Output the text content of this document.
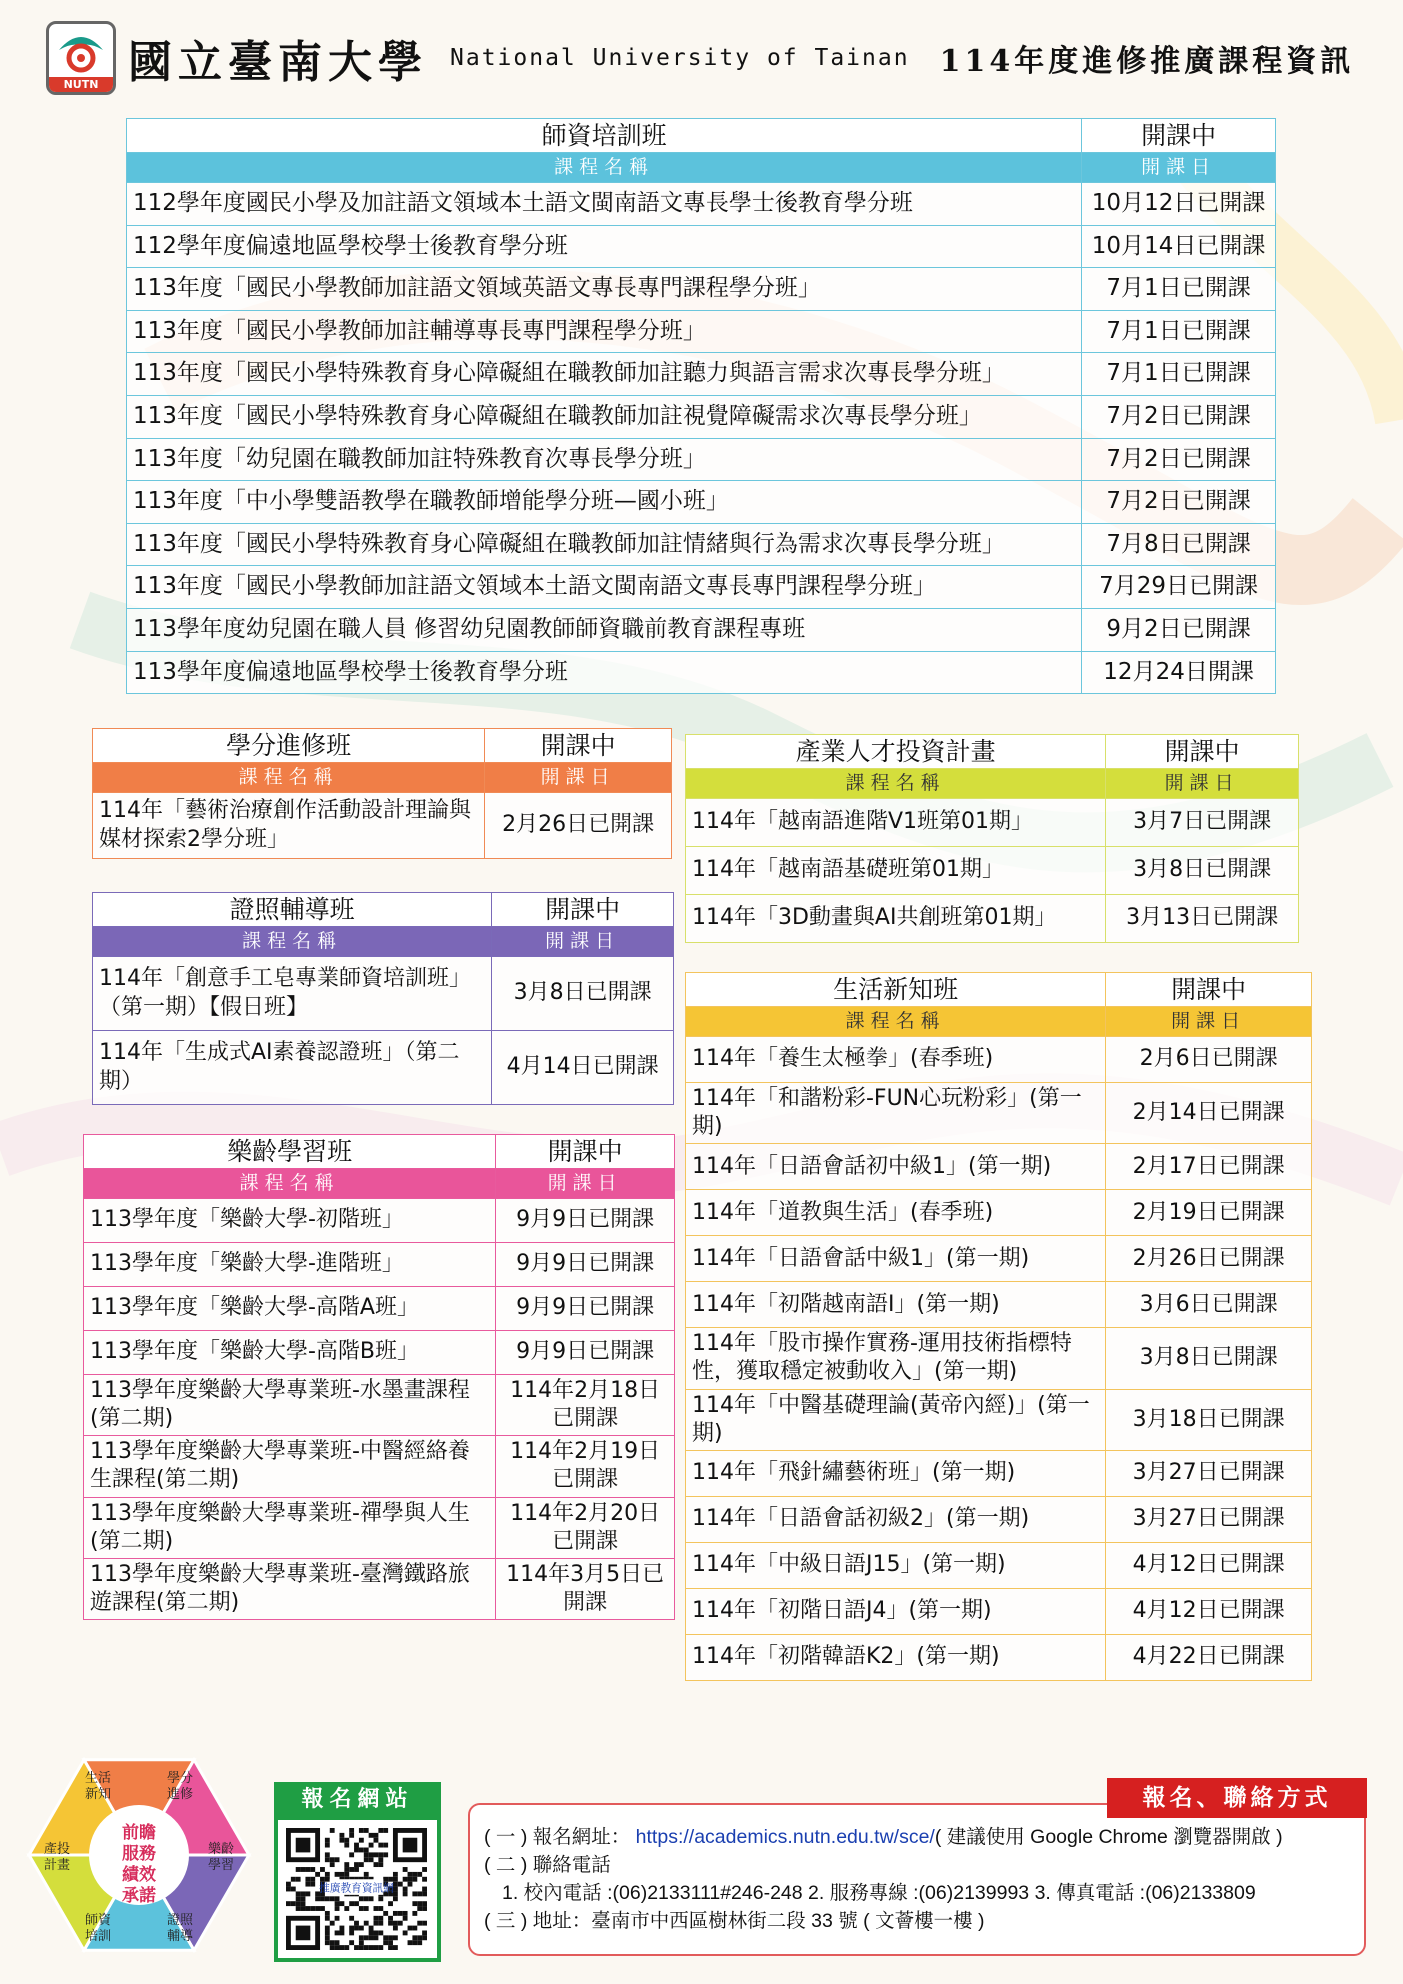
NUTN 國立臺南大學 National University of Tainan 114年度進修推廣課程資訊
師資培訓班	開課中
課程名稱	開課日
112學年度國民小學及加註語文領域本土語文閩南語文專長學士後教育學分班	10月12日已開課
112學年度偏遠地區學校學士後教育學分班	10月14日已開課
113年度「國民小學教師加註語文領域英語文專長專門課程學分班」	7月1日已開課
113年度「國民小學教師加註輔導專長專門課程學分班」	7月1日已開課
113年度「國民小學特殊教育身心障礙組在職教師加註聽力與語言需求次專長學分班」	7月1日已開課
113年度「國民小學特殊教育身心障礙組在職教師加註視覺障礙需求次專長學分班」	7月2日已開課
113年度「幼兒園在職教師加註特殊教育次專長學分班」	7月2日已開課
113年度「中小學雙語教學在職教師增能學分班—國小班」	7月2日已開課
113年度「國民小學特殊教育身心障礙組在職教師加註情緒與行為需求次專長學分班」	7月8日已開課
113年度「國民小學教師加註語文領域本土語文閩南語文專長專門課程學分班」	7月29日已開課
113學年度幼兒園在職人員 修習幼兒園教師師資職前教育課程專班	9月2日已開課
113學年度偏遠地區學校學士後教育學分班	12月24日開課
學分進修班	開課中
課程名稱	開課日
114年「藝術治療創作活動設計理論與媒材探索2學分班」	2月26日已開課
證照輔導班	開課中
課程名稱	開課日
114年「創意手工皂專業師資培訓班」（第一期）【假日班】	3月8日已開課
114年「生成式AI素養認證班」（第二期）	4月14日已開課
樂齡學習班	開課中
課程名稱	開課日
113學年度「樂齡大學-初階班」	9月9日已開課
113學年度「樂齡大學-進階班」	9月9日已開課
113學年度「樂齡大學-高階A班」	9月9日已開課
113學年度「樂齡大學-高階B班」	9月9日已開課
113學年度樂齡大學專業班-水墨畫課程(第二期)	114年2月18日已開課
113學年度樂齡大學專業班-中醫經絡養生課程(第二期)	114年2月19日已開課
113學年度樂齡大學專業班-禪學與人生(第二期)	114年2月20日已開課
113學年度樂齡大學專業班-臺灣鐵路旅遊課程(第二期)	114年3月5日已開課
產業人才投資計畫	開課中
課程名稱	開課日
114年「越南語進階V1班第01期」	3月7日已開課
114年「越南語基礎班第01期」	3月8日已開課
114年「3D動畫與AI共創班第01期」	3月13日已開課
生活新知班	開課中
課程名稱	開課日
114年「養生太極拳」(春季班)	2月6日已開課
114年「和諧粉彩-FUN心玩粉彩」(第一期)	2月14日已開課
114年「日語會話初中級1」(第一期)	2月17日已開課
114年「道教與生活」(春季班)	2月19日已開課
114年「日語會話中級1」(第一期)	2月26日已開課
114年「初階越南語I」(第一期)	3月6日已開課
114年「股市操作實務-運用技術指標特性，獲取穩定被動收入」(第一期)	3月8日已開課
114年「中醫基礎理論(黃帝內經)」(第一期)	3月18日已開課
114年「飛針繡藝術班」(第一期)	3月27日已開課
114年「日語會話初級2」(第一期)	3月27日已開課
114年「中級日語J15」(第一期)	4月12日已開課
114年「初階日語J4」(第一期)	4月12日已開課
114年「初階韓語K2」(第一期)	4月22日已開課
前瞻
服務
績效
承諾
學分進修
樂齡學習
證照輔導
師資培訓
產投計畫
生活新知	報名網站
推廣教育資訊網
( 一 ) 報名網址： https://academics.nutn.edu.tw/sce/( 建議使用 Google Chrome 瀏覽器開啟 )
( 二 ) 聯絡電話
1. 校內電話 :(06)2133111#246-248 2. 服務專線 :(06)2139993 3. 傳真電話 :(06)2133809
( 三 ) 地址：臺南市中西區樹林街二段 33 號 ( 文薈樓一樓 )
報名、聯絡方式
